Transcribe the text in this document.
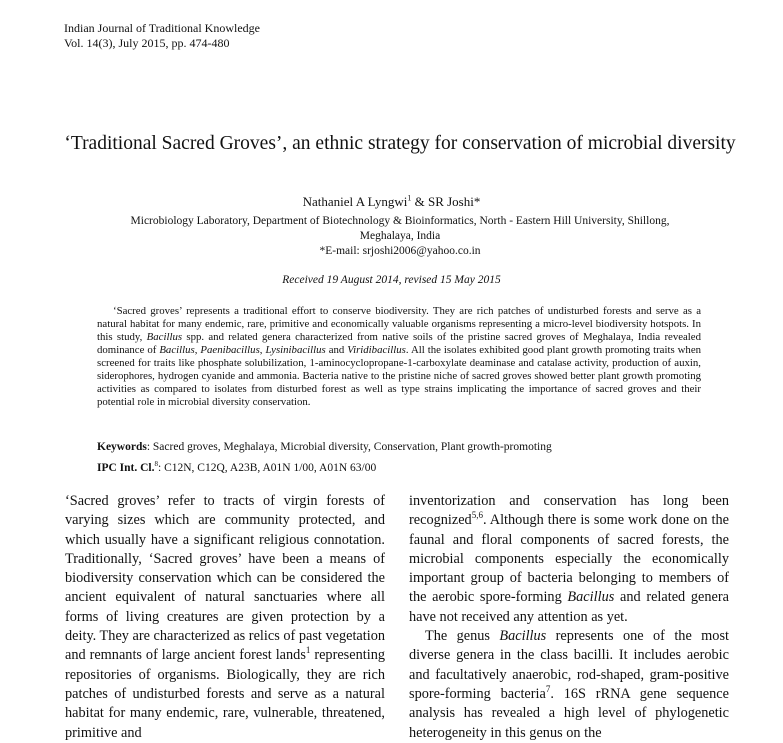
Indian Journal of Traditional Knowledge
Vol. 14(3), July 2015, pp. 474-480
‘Traditional Sacred Groves’, an ethnic strategy for conservation of microbial diversity
Nathaniel A Lyngwi$^1$ & SR Joshi*
Microbiology Laboratory, Department of Biotechnology & Bioinformatics, North - Eastern Hill University, Shillong,
Meghalaya, India
*E-mail: srjoshi2006@yahoo.co.in
Received 19 August 2014, revised 15 May 2015
‘Sacred groves’ represents a traditional effort to conserve biodiversity. They are rich patches of undisturbed forests and serve as a natural habitat for many endemic, rare, primitive and economically valuable organisms representing a micro-level biodiversity hotspots. In this study, Bacillus spp. and related genera characterized from native soils of the pristine sacred groves of Meghalaya, India revealed dominance of Bacillus, Paenibacillus, Lysinibacillus and Viridibacillus. All the isolates exhibited good plant growth promoting traits when screened for traits like phosphate solubilization, 1-aminocyclopropane-1-carboxylate deaminase and catalase activity, production of auxin, siderophores, hydrogen cyanide and ammonia. Bacteria native to the pristine niche of sacred groves showed better plant growth promoting activities as compared to isolates from disturbed forest as well as type strains implicating the importance of sacred groves and their potential role in microbial diversity conservation.
Keywords: Sacred groves, Meghalaya, Microbial diversity, Conservation, Plant growth-promoting
IPC Int. Cl.$^8$: C12N, C12Q, A23B, A01N 1/00, A01N 63/00

‘Sacred groves’ refer to tracts of virgin forests of varying sizes which are community protected, and which usually have a significant religious connotation. Traditionally, ‘Sacred groves’ have been a means of biodiversity conservation which can be considered the ancient equivalent of natural sanctuaries where all forms of living creatures are given protection by a deity. They are characterized as relics of past vegetation and remnants of large ancient forest lands$^1$ representing repositories of organisms. Biologically, they are rich patches of undisturbed forests and serve as a natural habitat for many endemic, rare, vulnerable, threatened, primitive and

inventorization and conservation has long been recognized$^{5,6}$. Although there is some work done on the faunal and floral components of sacred forests, the microbial components especially the economically important group of bacteria belonging to members of the aerobic spore-forming Bacillus and related genera have not received any attention as yet.

The genus Bacillus represents one of the most diverse genera in the class bacilli. It includes aerobic and facultatively anaerobic, rod-shaped, gram-positive spore-forming bacteria$^7$. 16S rRNA gene sequence analysis has revealed a high level of phylogenetic heterogeneity in this genus on the
